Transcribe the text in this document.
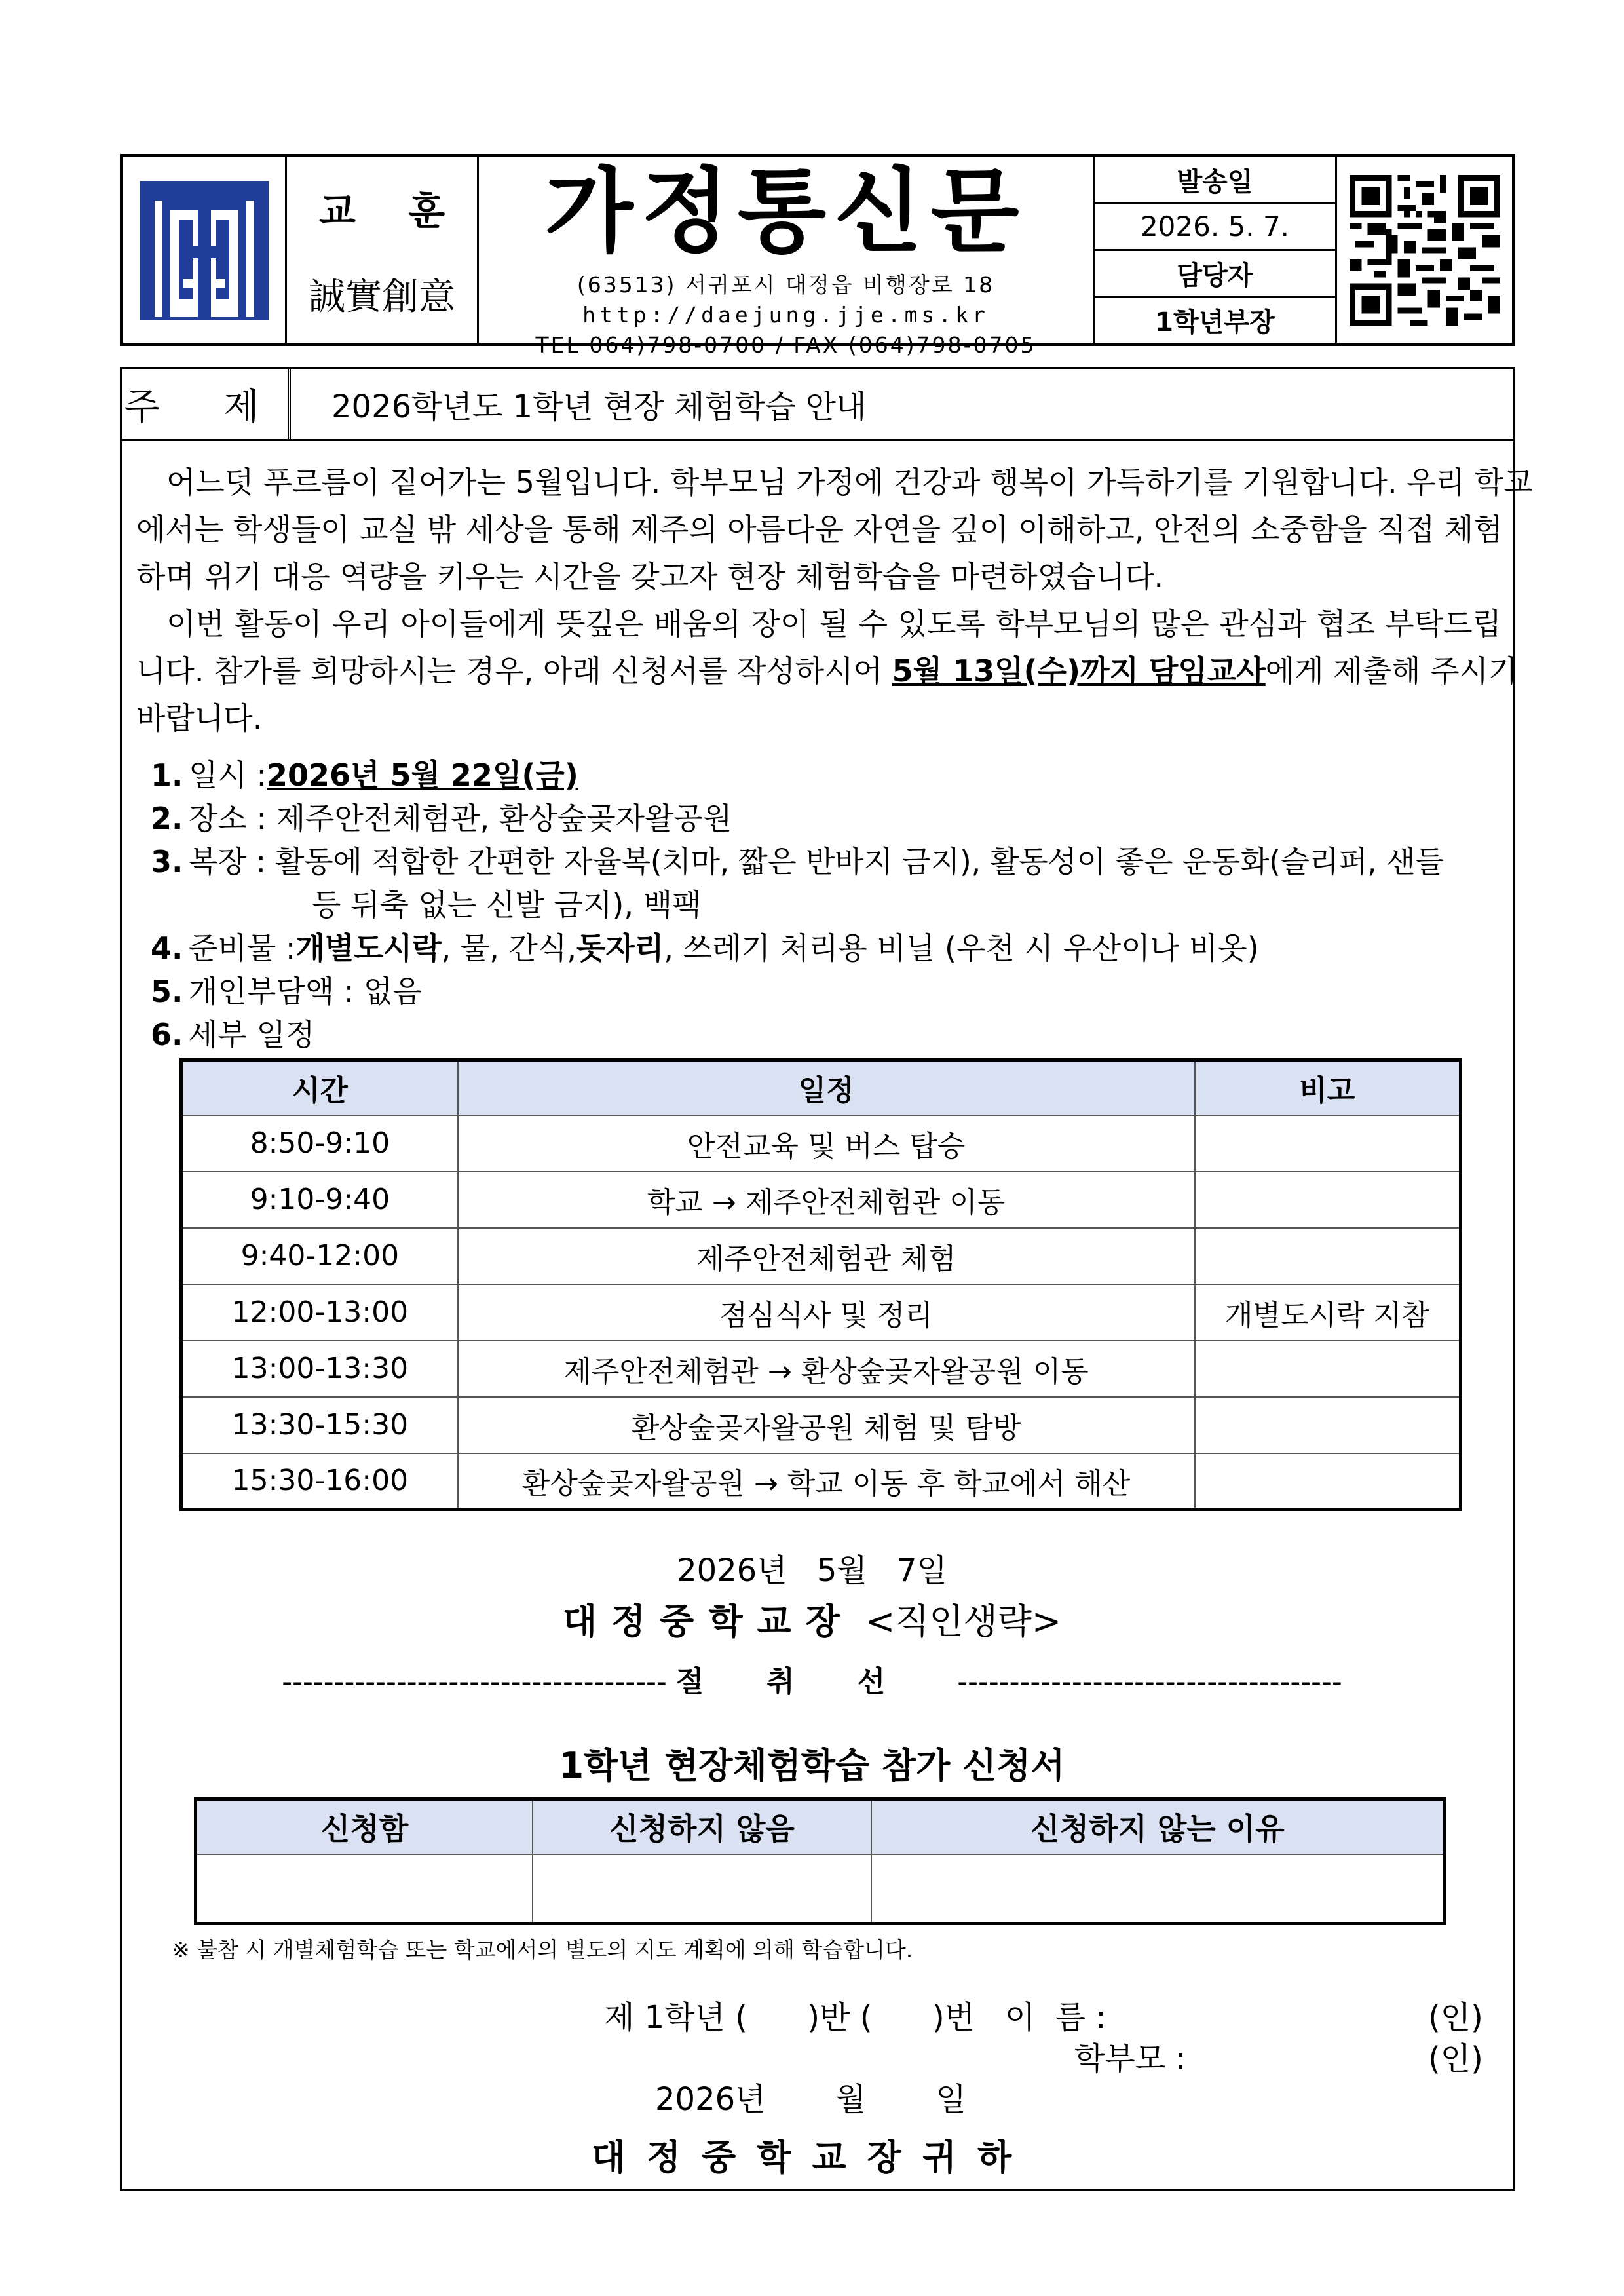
교 훈
誠實創意
가정통신문
(63513) 서귀포시 대정읍 비행장로 18
http://daejung.jje.ms.kr
TEL 064)798-0700 / FAX (064)798-0705
발송일
2026. 5. 7.
담당자
1학년부장
주 제	2026학년도 1학년 현장 체험학습 안내
어느덧 푸르름이 짙어가는 5월입니다. 학부모님 가정에 건강과 행복이 가득하기를 기원합니다. 우리 학교
에서는 학생들이 교실 밖 세상을 통해 제주의 아름다운 자연을 깊이 이해하고, 안전의 소중함을 직접 체험
하며 위기 대응 역량을 키우는 시간을 갖고자 현장 체험학습을 마련하였습니다.
이번 활동이 우리 아이들에게 뜻깊은 배움의 장이 될 수 있도록 학부모님의 많은 관심과 협조 부탁드립
니다. 참가를 희망하시는 경우, 아래 신청서를 작성하시어 5월 13일(수)까지 담임교사에게 제출해 주시기
바랍니다.
1. 일시 : 2026년 5월 22일(금)
2. 장소 : 제주안전체험관, 환상숲곶자왈공원
3. 복장 : 활동에 적합한 간편한 자율복(치마, 짧은 반바지 금지), 활동성이 좋은 운동화(슬리퍼, 샌들
등 뒤축 없는 신발 금지), 백팩
4. 준비물 : 개별도시락 , 물, 간식, 돗자리 , 쓰레기 처리용 비닐 (우천 시 우산이나 비옷)
5. 개인부담액 : 없음
6. 세부 일정
시간	일정	비고
8:50-9:10	안전교육 및 버스 탑승	
9:10-9:40	학교 → 제주안전체험관 이동	
9:40-12:00	제주안전체험관 체험	
12:00-13:00	점심식사 및 정리	개별도시락 지참
13:00-13:30	제주안전체험관 → 환상숲곶자왈공원 이동	
13:30-15:30	환상숲곶자왈공원 체험 및 탐방	
15:30-16:00	환상숲곶자왈공원 → 학교 이동 후 학교에서 해산	
2026년 5월 7일
대정중학교장 <직인생략>
------------------------------------- 절취선 -------------------------------------
1학년 현장체험학습 참가 신청서
신청함	신청하지 않음	신청하지 않는 이유

※ 불참 시 개별체험학습 또는 학교에서의 별도의 지도 계획에 의해 학습합니다.
제 1학년 (      )반 (      )번   이  름 :	(인)
학부모 :	(인)
2026년       월       일
대정중학교장귀하
